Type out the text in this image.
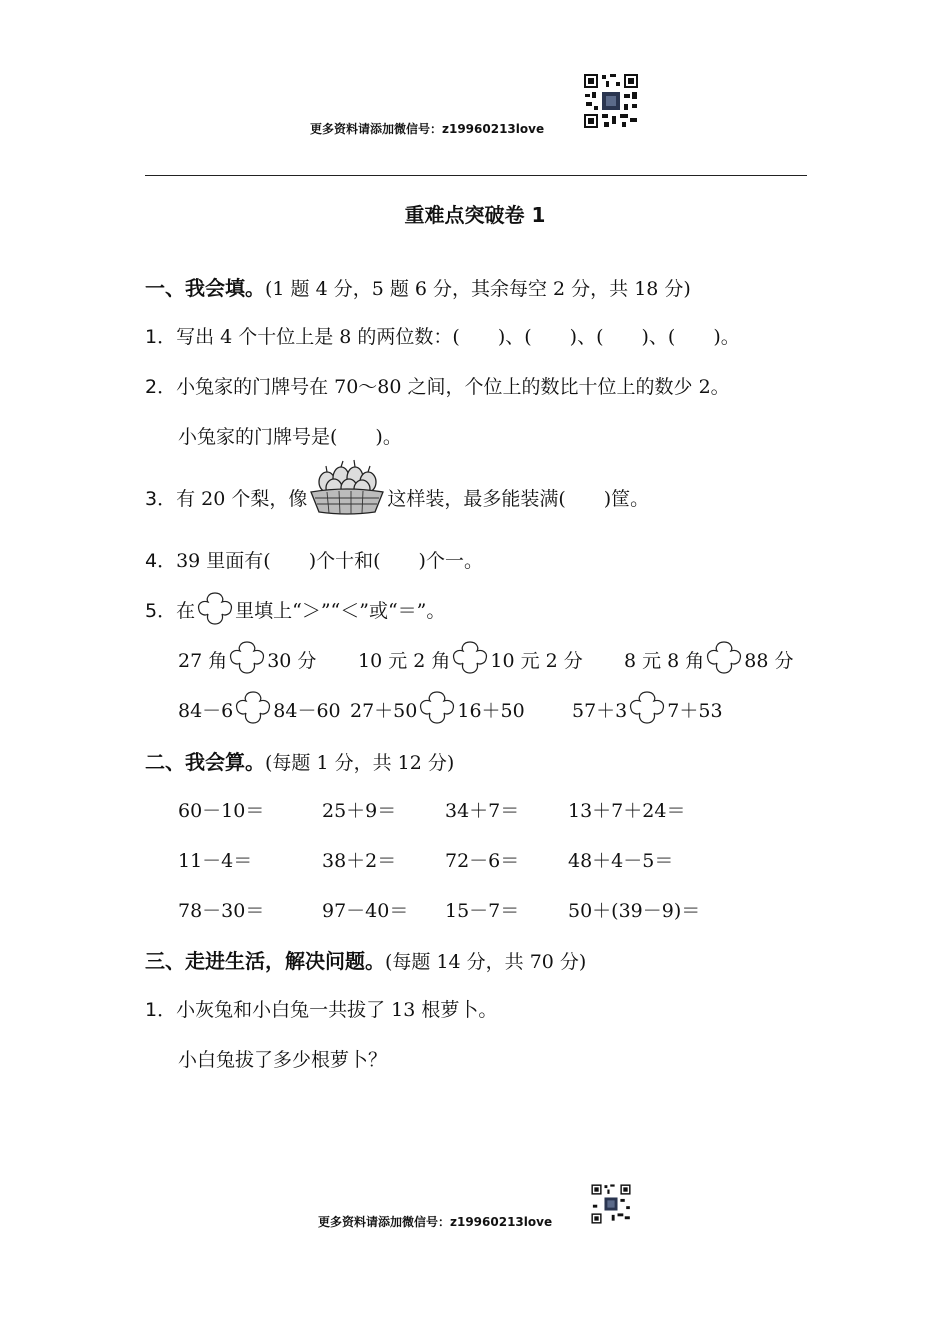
更多资料请添加微信号：z19960213love
重难点突破卷 1
一、我会填。(1 题 4 分，5 题 6 分，其余每空 2 分，共 18 分)
1．写出 4 个十位上是 8 的两位数：(　　)、(　　)、(　　)、(　　)。
2．小兔家的门牌号在 70～80 之间，个位上的数比十位上的数少 2。
小兔家的门牌号是(　　)。
3．有 20 个梨，像	这样装，最多能装满(　　)筐。
4．39 里面有(　　)个十和(　　)个一。
5．在 里填上“＞”“＜”或“＝”。
27 角 30 分 10 元 2 角 10 元 2 分 8 元 8 角 88 分
84－6 84－60 27＋50 16＋50 57＋3 7＋53
二、我会算。(每题 1 分，共 12 分)
60－10＝	25＋9＝	34＋7＝	13＋7＋24＝
11－4＝	38＋2＝	72－6＝	48＋4－5＝
78－30＝	97－40＝ 15－7＝	50＋(39－9)＝
三、走进生活，解决问题。(每题 14 分，共 70 分)
1．小灰兔和小白兔一共拔了 13 根萝卜。
小白兔拔了多少根萝卜？
更多资料请添加微信号：z19960213love
